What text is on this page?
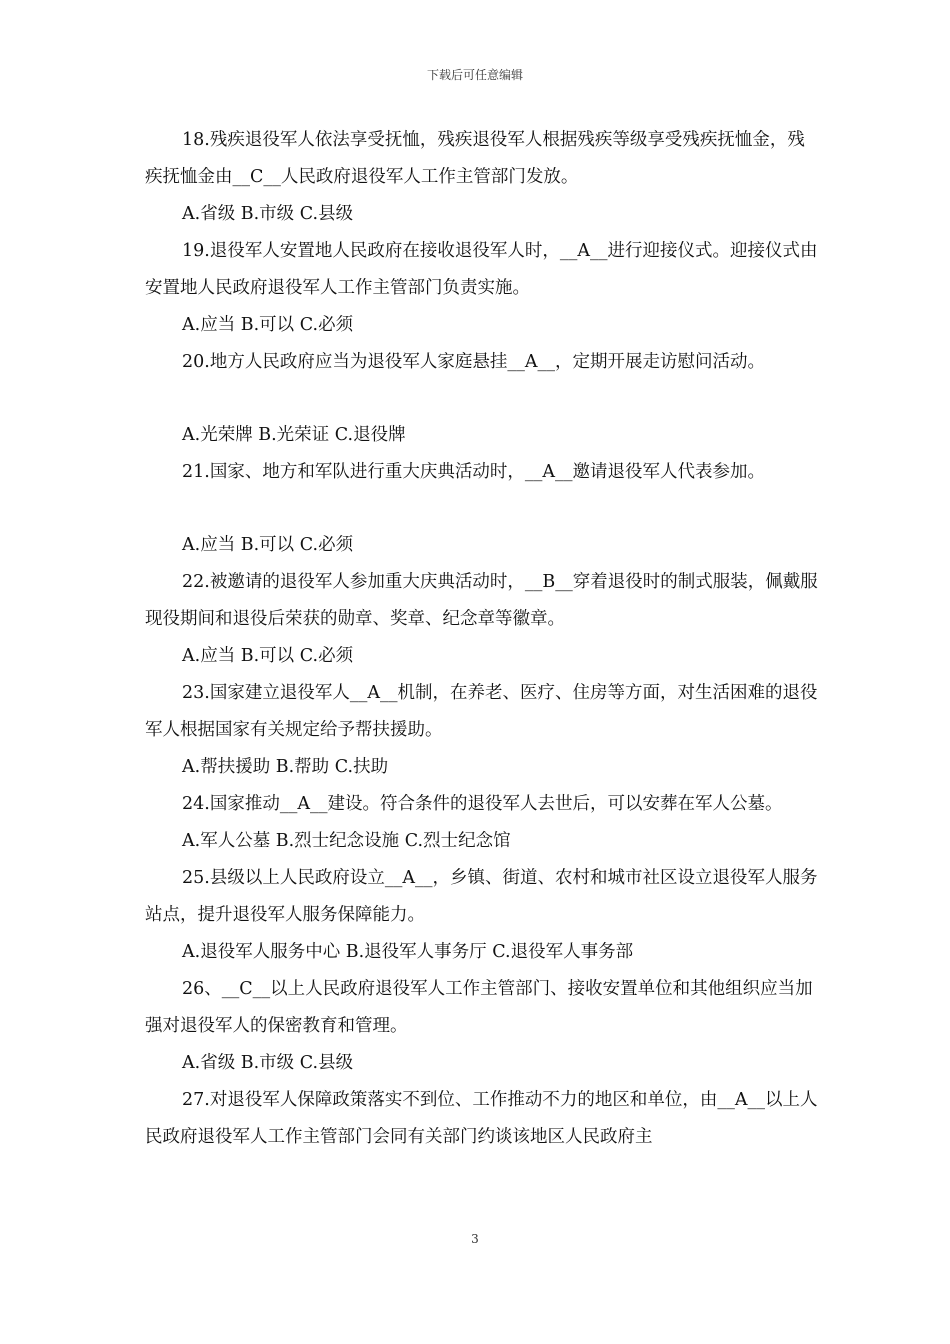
下载后可任意编辑

18.残疾退役军人依法享受抚恤，残疾退役军人根据残疾等级享受残疾抚恤金，残疾抚恤金由__C__人民政府退役军人工作主管部门发放。

A.省级 B.市级 C.县级

19.退役军人安置地人民政府在接收退役军人时，__A__进行迎接仪式。迎接仪式由安置地人民政府退役军人工作主管部门负责实施。

A.应当 B.可以 C.必须

20.地方人民政府应当为退役军人家庭悬挂__A__，定期开展走访慰问活动。

A.光荣牌 B.光荣证 C.退役牌

21.国家、地方和军队进行重大庆典活动时，__A__邀请退役军人代表参加。

A.应当 B.可以 C.必须

22.被邀请的退役军人参加重大庆典活动时，__B__穿着退役时的制式服装，佩戴服现役期间和退役后荣获的勋章、奖章、纪念章等徽章。

A.应当 B.可以 C.必须

23.国家建立退役军人__A__机制，在养老、医疗、住房等方面，对生活困难的退役军人根据国家有关规定给予帮扶援助。

A.帮扶援助 B.帮助 C.扶助

24.国家推动__A__建设。符合条件的退役军人去世后，可以安葬在军人公墓。

A.军人公墓 B.烈士纪念设施 C.烈士纪念馆

25.县级以上人民政府设立__A__，乡镇、街道、农村和城市社区设立退役军人服务站点，提升退役军人服务保障能力。

A.退役军人服务中心 B.退役军人事务厅 C.退役军人事务部

26、__C__以上人民政府退役军人工作主管部门、接收安置单位和其他组织应当加强对退役军人的保密教育和管理。

A.省级 B.市级 C.县级

27.对退役军人保障政策落实不到位、工作推动不力的地区和单位，由__A__以上人民政府退役军人工作主管部门会同有关部门约谈该地区人民政府主

3
